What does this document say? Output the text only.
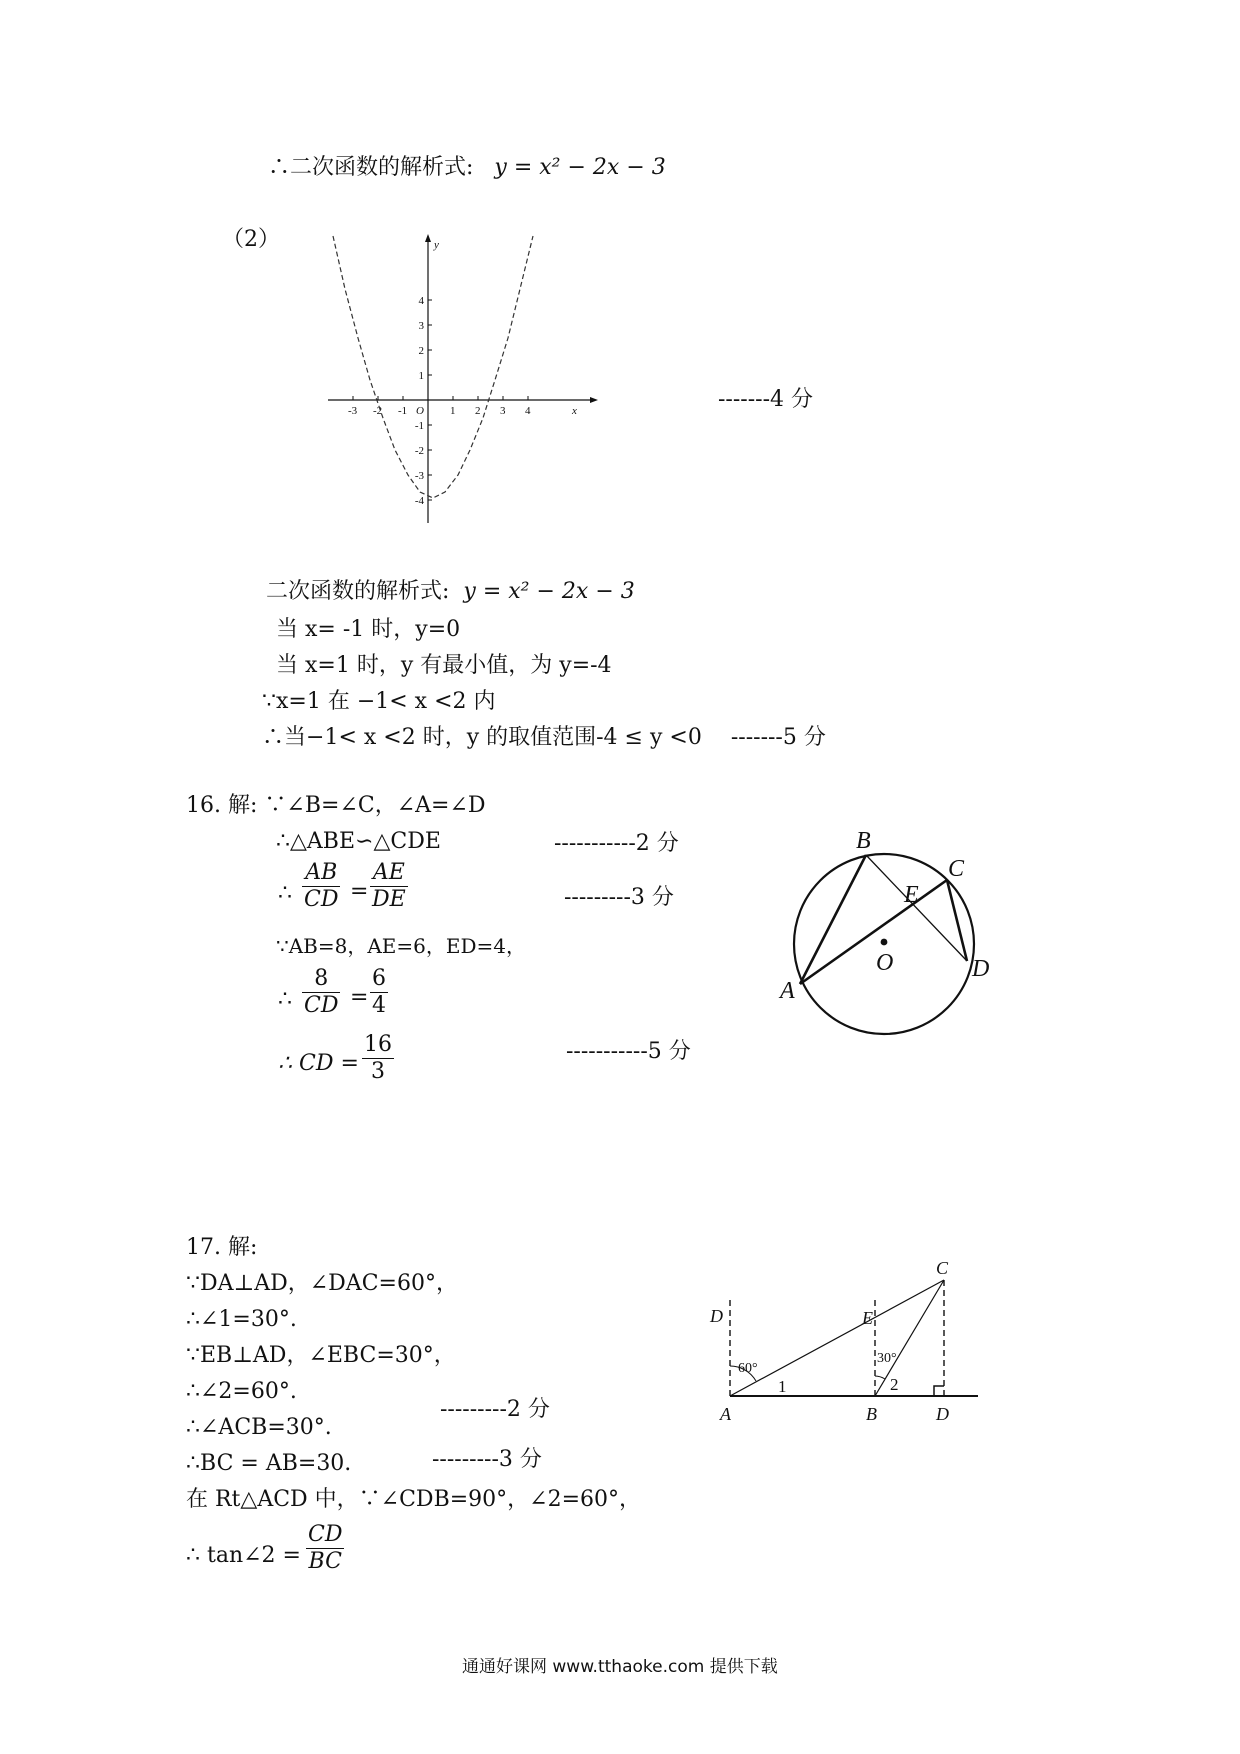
∴二次函数的解析式: y = x² − 2x − 3
（2）
-3 -2 -1 O 1 2 3 4	x
y
4
3
2
1
-1
-2
-3
-4
-------4 分
二次函数的解析式: y = x² − 2x − 3
当 x= -1 时，y=0
当 x=1 时，y 有最小值，为 y=-4
∵x=1 在 −1< x <2 内
∴当−1< x <2 时，y 的取值范围-4 ≤ y <0 -------5 分
16. 解: ∵∠B=∠C，∠A=∠D
∴△ABE∽△CDE	-----------2 分
∴ $\frac{AB}{CD} = \frac{AE}{DE}$	---------3 分
∵AB=8，AE=6，ED=4，
∴ $\frac{8}{CD} = \frac{6}{4}$
∴ CD = $\frac{16}{3}$	-----------5 分
B
C
E
O
A
D
17. 解:
∵DA⊥AD，∠DAC=60°，
∴∠1=30°.
∵EB⊥AD，∠EBC=30°，
∴∠2=60°.
∴∠ACB=30°.
∴BC = AB=30.
在 Rt△ACD 中，∵∠CDB=90°，∠2=60°，
---------2 分
---------3 分
∴ tan∠2 = $\frac{CD}{BC}$
C
D	E
A	B	D
60°
30°
1	2
通通好课网 www.tthaoke.com 提供下载
